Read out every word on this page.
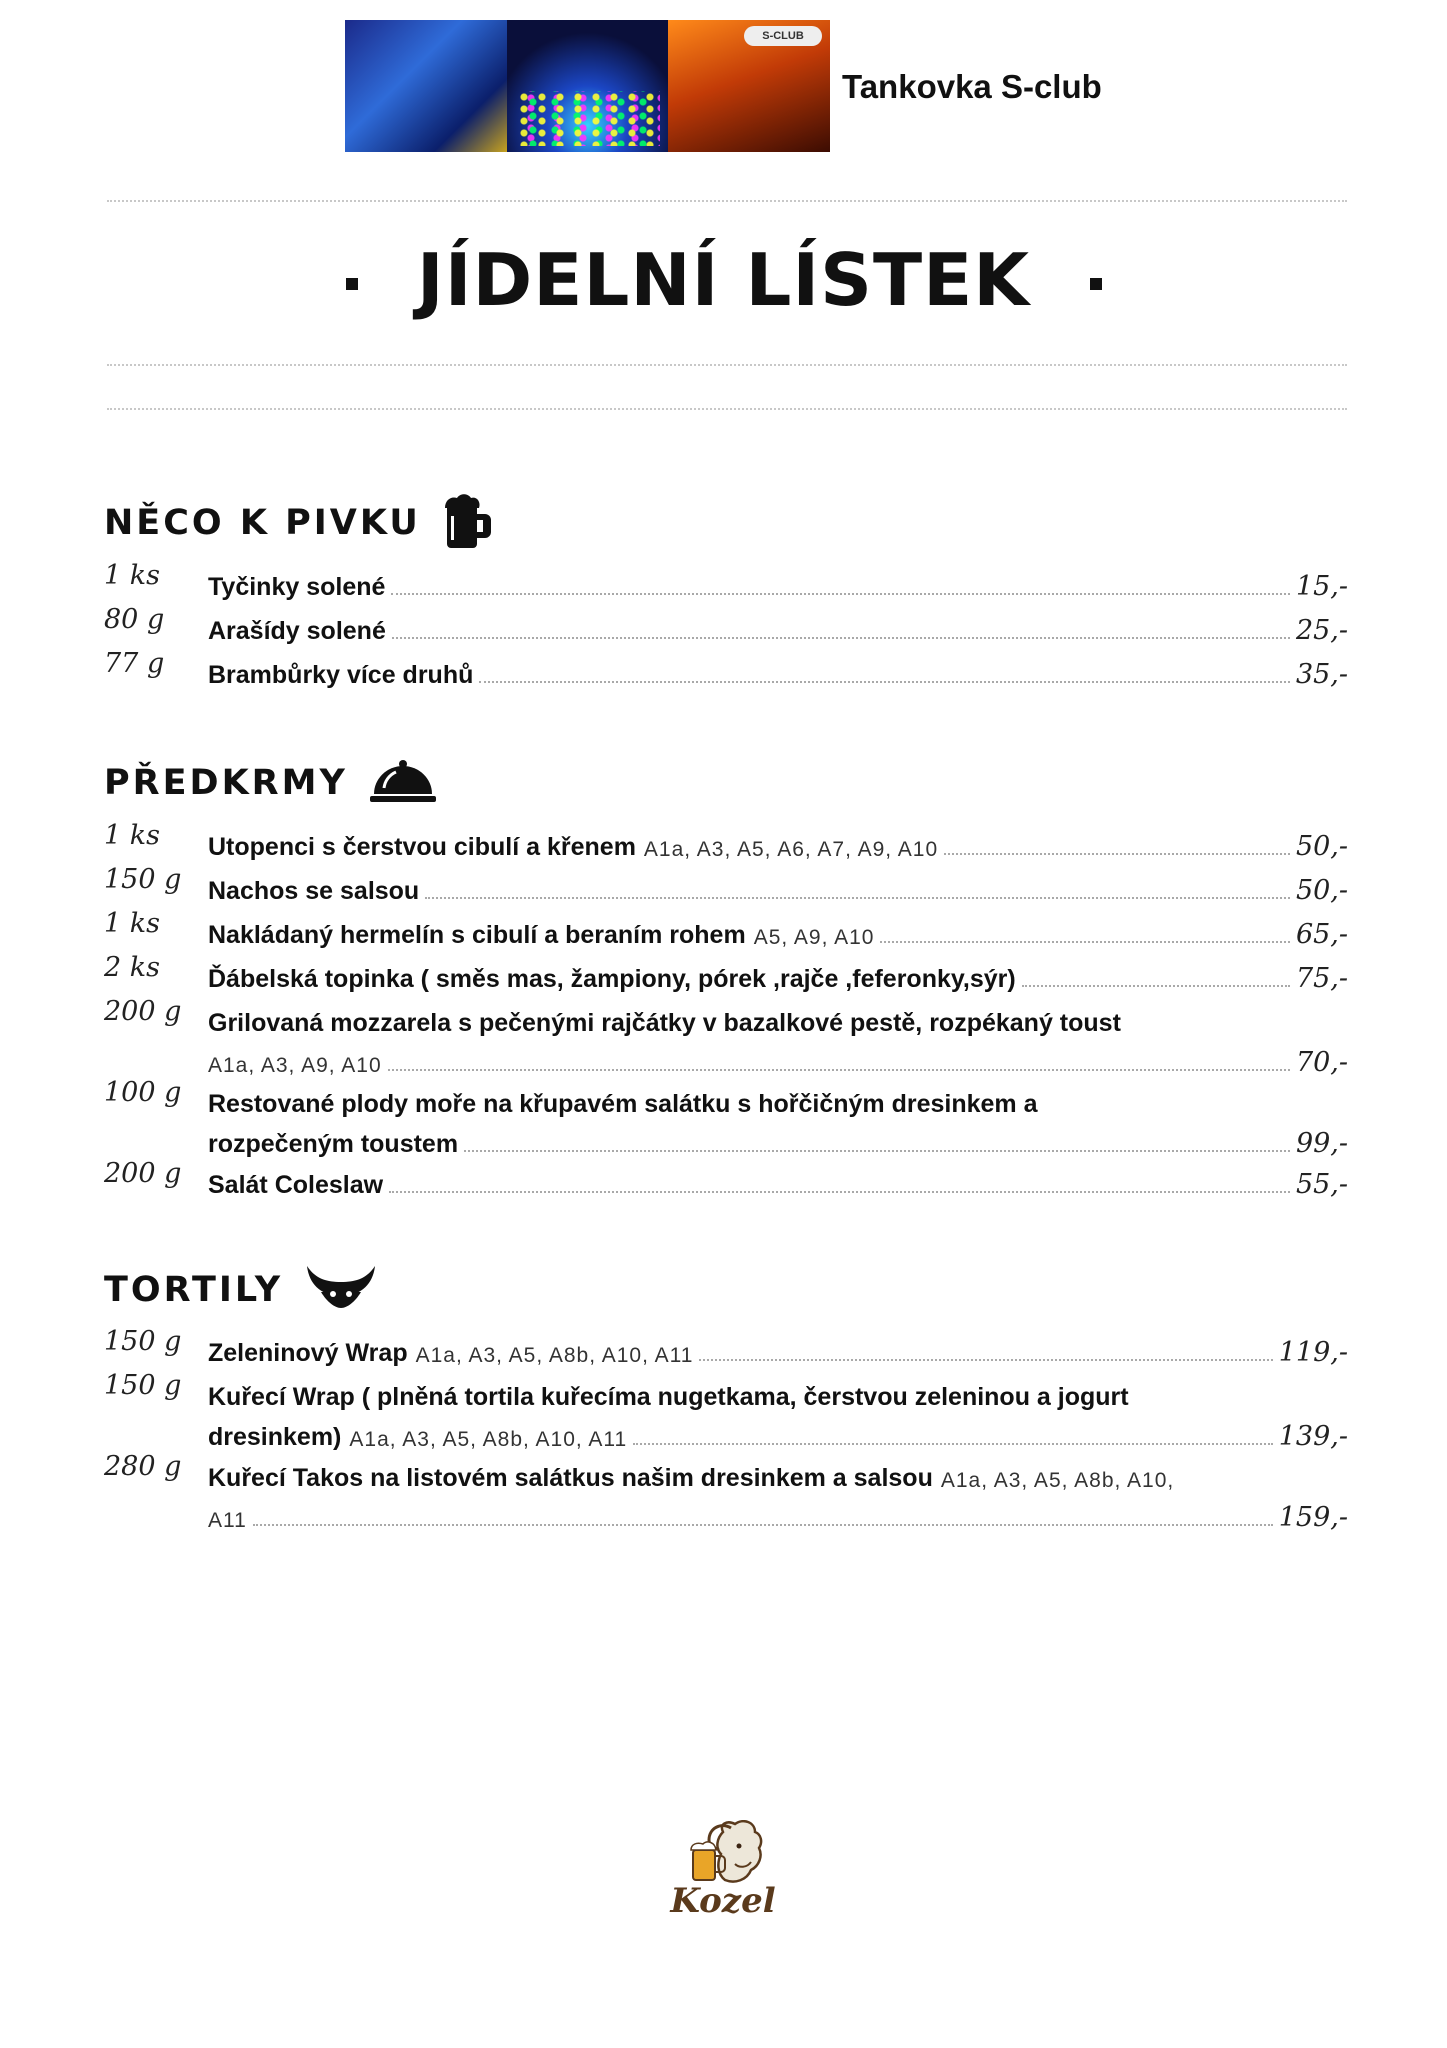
S-CLUB
Tankovka S-club
JÍDELNÍ LÍSTEK
NĚCO K PIVKU
1 ks Tyčinky solené	15,-
80 g Arašídy solené	25,-
77 g Brambůrky více druhů	35,-
PŘEDKRMY
1 ks Utopenci s čerstvou cibulí a křenem A1a, A3, A5, A6, A7, A9, A10	50,-
150 g Nachos se salsou	50,-
1 ks Nakládaný hermelín s cibulí a beraním rohem A5, A9, A10	65,-
2 ks Ďábelská topinka ( směs mas, žampiony, pórek ,rajče ,feferonky,sýr)	75,-
200 g Grilovaná mozzarela s pečenými rajčátky v bazalkové pestě, rozpékaný toust
A1a, A3, A9, A10	70,-
100 g Restované plody moře na křupavém salátku s hořčičným dresinkem a
rozpečeným toustem	99,-
200 g Salát Coleslaw	55,-
TORTILY
150 g Zeleninový Wrap A1a, A3, A5, A8b, A10, A11	119,-
150 g Kuřecí Wrap ( plněná tortila kuřecíma nugetkama, čerstvou zeleninou a jogurt
dresinkem) A1a, A3, A5, A8b, A10, A11	139,-
280 g Kuřecí Takos na listovém salátkus našim dresinkem a salsou A1a, A3, A5, A8b, A10,
A11	159,-
Kozel
